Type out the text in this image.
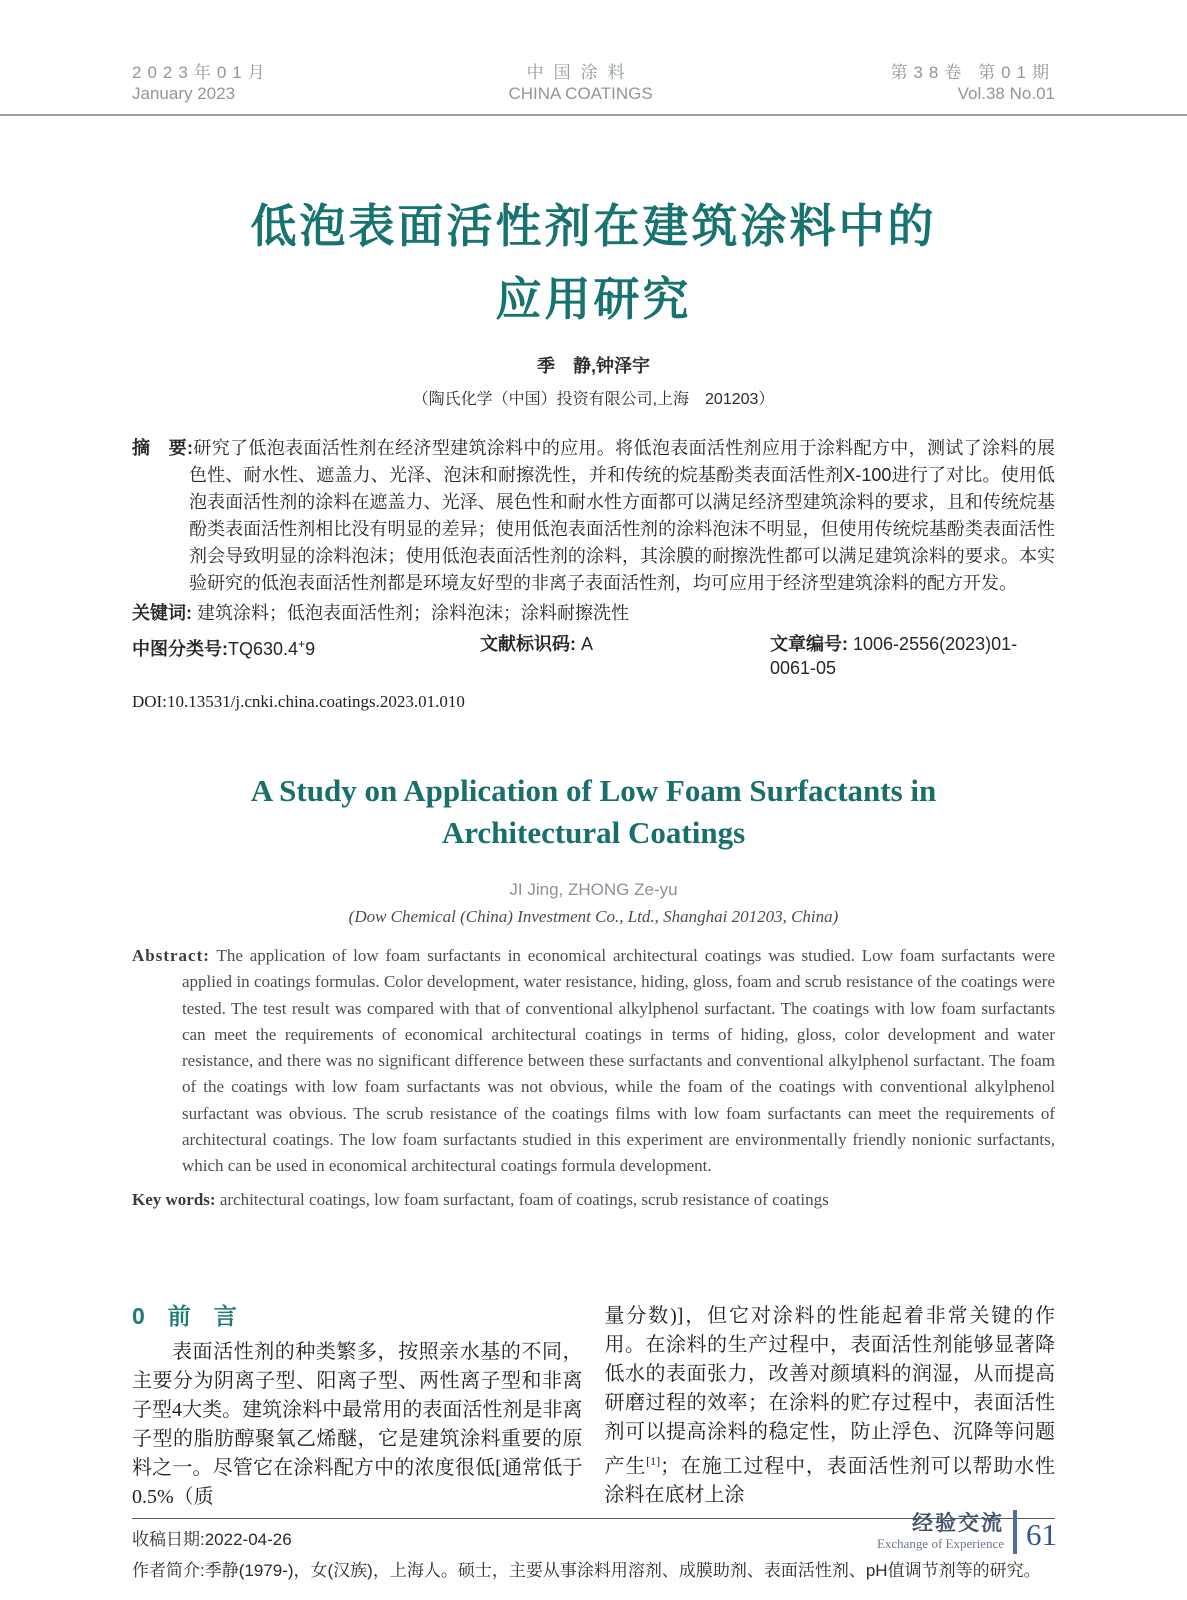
2023年01月
January 2023
中国涂料
CHINA COATINGS
第38卷 第01期
Vol.38 No.01
低泡表面活性剂在建筑涂料中的
应用研究
季　静,钟泽宇
（陶氏化学（中国）投资有限公司,上海　201203）
摘　要:研究了低泡表面活性剂在经济型建筑涂料中的应用。将低泡表面活性剂应用于涂料配方中，测试了涂料的展色性、耐水性、遮盖力、光泽、泡沫和耐擦洗性，并和传统的烷基酚类表面活性剂X-100进行了对比。使用低泡表面活性剂的涂料在遮盖力、光泽、展色性和耐水性方面都可以满足经济型建筑涂料的要求，且和传统烷基酚类表面活性剂相比没有明显的差异；使用低泡表面活性剂的涂料泡沫不明显，但使用传统烷基酚类表面活性剂会导致明显的涂料泡沫；使用低泡表面活性剂的涂料，其涂膜的耐擦洗性都可以满足建筑涂料的要求。本实验研究的低泡表面活性剂都是环境友好型的非离子表面活性剂，均可应用于经济型建筑涂料的配方开发。
关键词: 建筑涂料；低泡表面活性剂；涂料泡沫；涂料耐擦洗性
中图分类号:TQ630.4+9	文献标识码: A	文章编号: 1006-2556(2023)01-0061-05
DOI:10.13531/j.cnki.china.coatings.2023.01.010
A Study on Application of Low Foam Surfactants in
Architectural Coatings
JI Jing, ZHONG Ze-yu
(Dow Chemical (China) Investment Co., Ltd., Shanghai 201203, China)
Abstract: The application of low foam surfactants in economical architectural coatings was studied. Low foam surfactants were applied in coatings formulas. Color development, water resistance, hiding, gloss, foam and scrub resistance of the coatings were tested. The test result was compared with that of conventional alkylphenol surfactant. The coatings with low foam surfactants can meet the requirements of economical architectural coatings in terms of hiding, gloss, color development and water resistance, and there was no significant difference between these surfactants and conventional alkylphenol surfactant. The foam of the coatings with low foam surfactants was not obvious, while the foam of the coatings with conventional alkylphenol surfactant was obvious. The scrub resistance of the coatings films with low foam surfactants can meet the requirements of architectural coatings. The low foam surfactants studied in this experiment are environmentally friendly nonionic surfactants, which can be used in economical architectural coatings formula development.
Key words: architectural coatings, low foam surfactant, foam of coatings, scrub resistance of coatings
0　前　言

表面活性剂的种类繁多，按照亲水基的不同，主要分为阴离子型、阳离子型、两性离子型和非离子型4大类。建筑涂料中最常用的表面活性剂是非离子型的脂肪醇聚氧乙烯醚，它是建筑涂料重要的原料之一。尽管它在涂料配方中的浓度很低[通常低于0.5%（质

量分数)]，但它对涂料的性能起着非常关键的作用。在涂料的生产过程中，表面活性剂能够显著降低水的表面张力，改善对颜填料的润湿，从而提高研磨过程的效率；在涂料的贮存过程中，表面活性剂可以提高涂料的稳定性，防止浮色、沉降等问题产生[1]；在施工过程中，表面活性剂可以帮助水性涂料在底材上涂

收稿日期:2022-04-26
作者简介:季静(1979-)，女(汉族)，上海人。硕士，主要从事涂料用溶剂、成膜助剂、表面活性剂、pH值调节剂等的研究。
经验交流
Exchange of Experience 61
